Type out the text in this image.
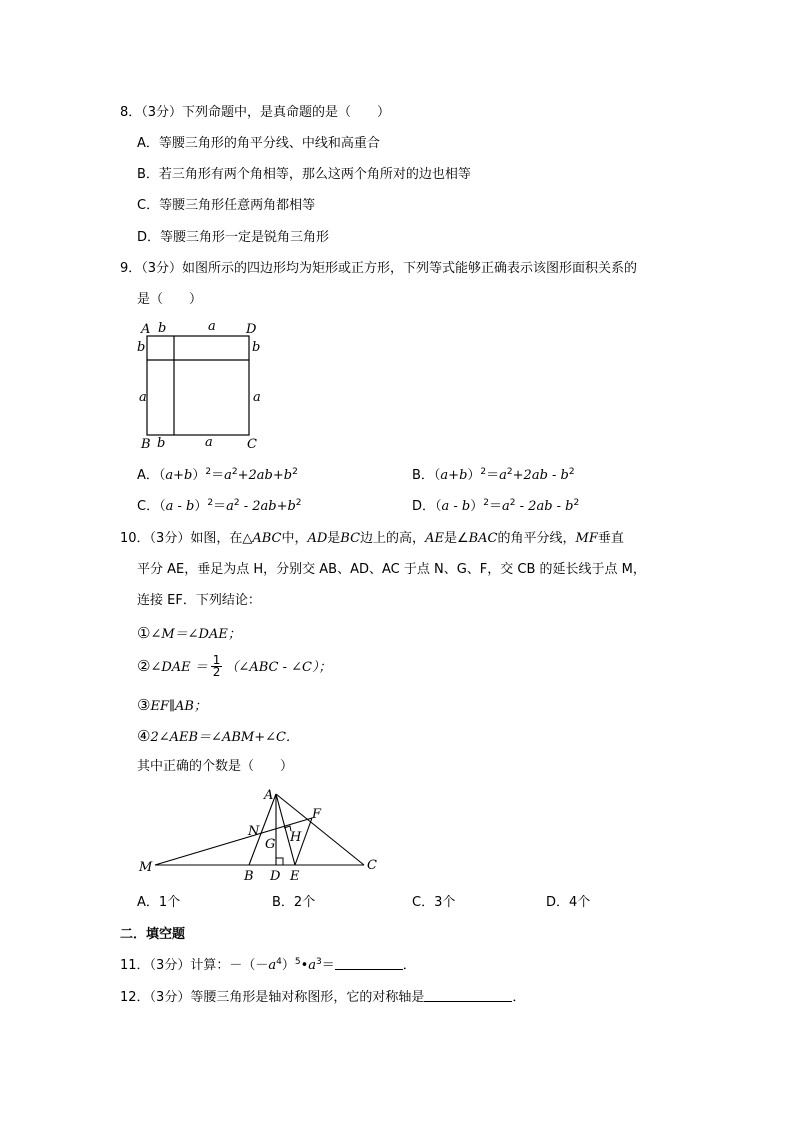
8．（3分）下列命题中，是真命题的是（　　）
A．等腰三角形的角平分线、中线和高重合
B．若三角形有两个角相等，那么这两个角所对的边也相等
C．等腰三角形任意两角都相等
D．等腰三角形一定是锐角三角形
9．（3分）如图所示的四边形均为矩形或正方形，下列等式能够正确表示该图形面积关系的
是（　　）
A b	a D
b	b
a	a
B b	a	C
A．$(a+b)^2=a^2+2ab+b^2$	B．$(a+b)^2=a^2+2ab - b^2$
C．$(a - b)^2=a^2 - 2ab+b^2$	D．$(a - b)^2=a^2 - 2ab - b^2$
10．（3分）如图，在△ABC中，AD是BC边上的高，AE是∠BAC的角平分线，MF垂直
平分 AE，垂足为点 H，分别交 AB、AD、AC 于点 N、G、F，交 CB 的延长线于点 M，
连接 EF．下列结论：
①∠M＝∠DAE；
②∠DAE ＝ $\frac{1}{2}$ （∠ABC - ∠C）；
③EF∥AB；
④2∠AEB＝∠ABM+∠C．
其中正确的个数是（　　）
A
N
F
H
G
M	C
B D E
A．1个	B．2个	C．3个	D．4个
二．填空题
11．（3分）计算：$-(-a^4)^5•a^3=$	．
12．（3分）等腰三角形是轴对称图形，它的对称轴是	．
